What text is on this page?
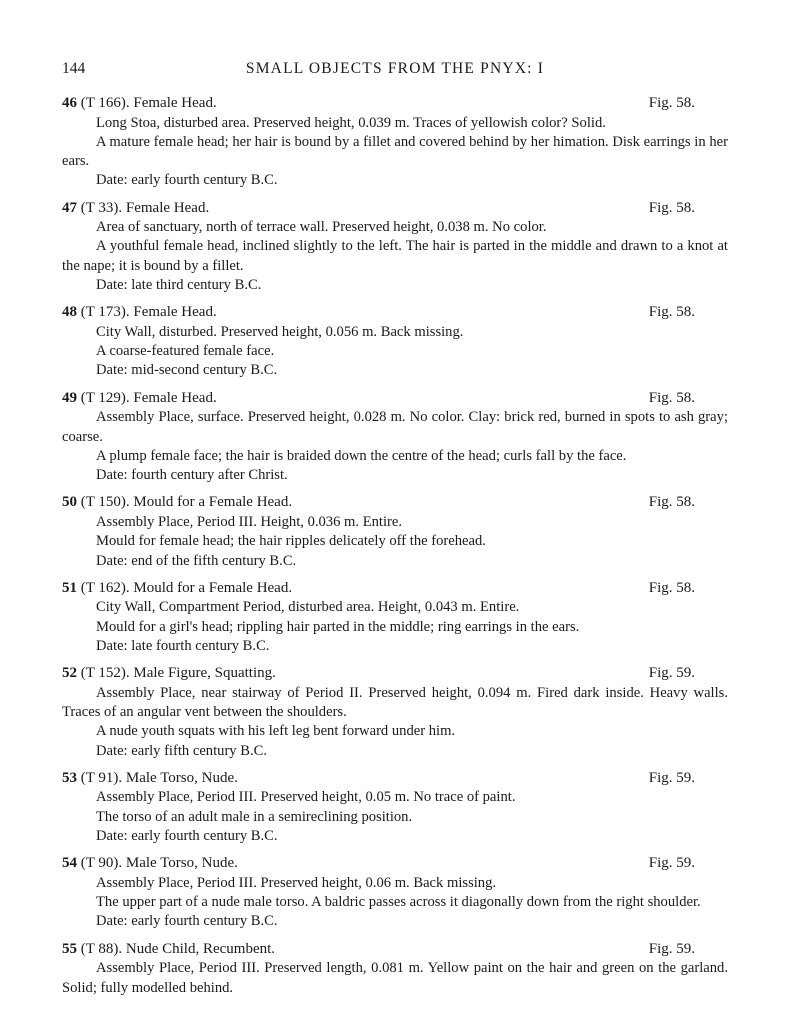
144	SMALL OBJECTS FROM THE PNYX: I
46 (T 166). Female Head.	Fig. 58.

Long Stoa, disturbed area. Preserved height, 0.039 m. Traces of yellowish color? Solid.

A mature female head; her hair is bound by a fillet and covered behind by her himation. Disk earrings in her ears.

Date: early fourth century B.C.

47 (T 33). Female Head.	Fig. 58.

Area of sanctuary, north of terrace wall. Preserved height, 0.038 m. No color.

A youthful female head, inclined slightly to the left. The hair is parted in the middle and drawn to a knot at the nape; it is bound by a fillet.

Date: late third century B.C.

48 (T 173). Female Head.	Fig. 58.

City Wall, disturbed. Preserved height, 0.056 m. Back missing.

A coarse-featured female face.

Date: mid-second century B.C.

49 (T 129). Female Head.	Fig. 58.

Assembly Place, surface. Preserved height, 0.028 m. No color. Clay: brick red, burned in spots to ash gray; coarse.

A plump female face; the hair is braided down the centre of the head; curls fall by the face.

Date: fourth century after Christ.

50 (T 150). Mould for a Female Head.	Fig. 58.

Assembly Place, Period III. Height, 0.036 m. Entire.

Mould for female head; the hair ripples delicately off the forehead.

Date: end of the fifth century B.C.

51 (T 162). Mould for a Female Head.	Fig. 58.

City Wall, Compartment Period, disturbed area. Height, 0.043 m. Entire.

Mould for a girl's head; rippling hair parted in the middle; ring earrings in the ears.

Date: late fourth century B.C.

52 (T 152). Male Figure, Squatting.	Fig. 59.

Assembly Place, near stairway of Period II. Preserved height, 0.094 m. Fired dark inside. Heavy walls. Traces of an angular vent between the shoulders.

A nude youth squats with his left leg bent forward under him.

Date: early fifth century B.C.

53 (T 91). Male Torso, Nude.	Fig. 59.

Assembly Place, Period III. Preserved height, 0.05 m. No trace of paint.

The torso of an adult male in a semireclining position.

Date: early fourth century B.C.

54 (T 90). Male Torso, Nude.	Fig. 59.

Assembly Place, Period III. Preserved height, 0.06 m. Back missing.

The upper part of a nude male torso. A baldric passes across it diagonally down from the right shoulder.

Date: early fourth century B.C.

55 (T 88). Nude Child, Recumbent.	Fig. 59.

Assembly Place, Period III. Preserved length, 0.081 m. Yellow paint on the hair and green on the garland. Solid; fully modelled behind.
